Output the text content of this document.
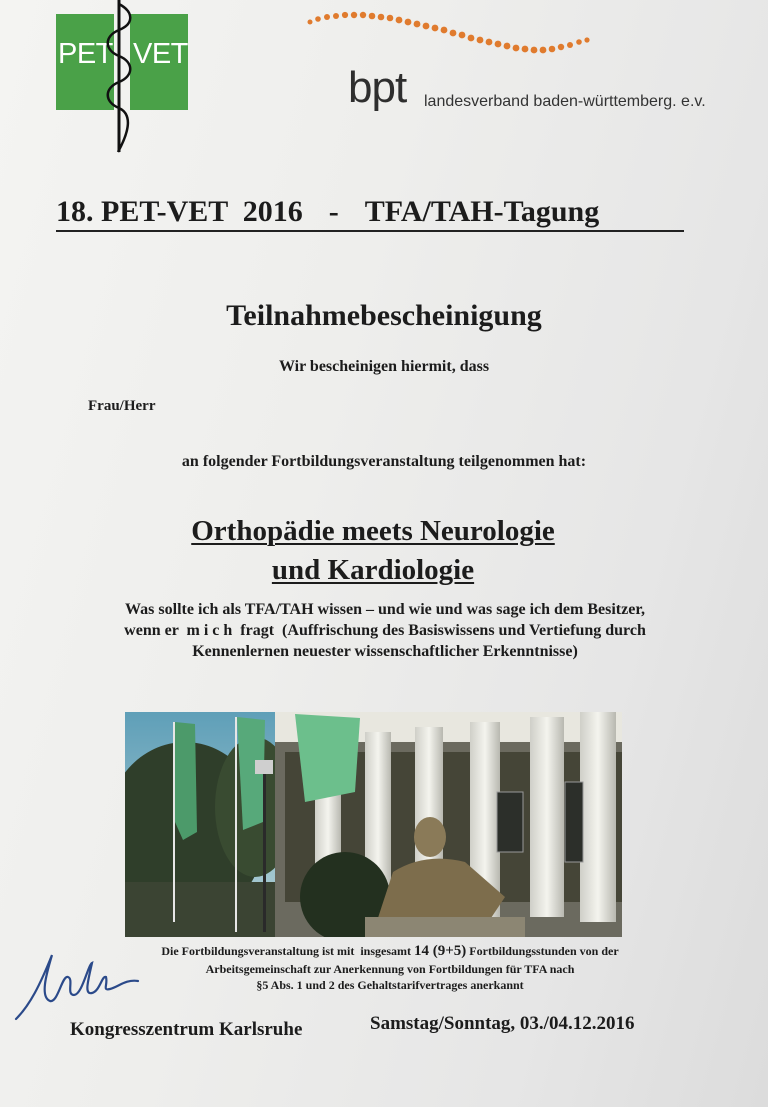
PET VET
bpt landesverband baden-württemberg. e.v.
18. PET-VET  2016 - TFA/TAH-Tagung
Teilnahmebescheinigung
Wir bescheinigen hiermit, dass
Frau/Herr
an folgender Fortbildungsveranstaltung teilgenommen hat:
Orthopädie meets Neurologie
und Kardiologie
Was sollte ich als TFA/TAH wissen – und wie und was sage ich dem Besitzer,
wenn er  m i c h  fragt  (Auffrischung des Basiswissens und Vertiefung durch
Kennenlernen neuester wissenschaftlicher Erkenntnisse)
Die Fortbildungsveranstaltung ist mit  insgesamt 14 (9+5) Fortbildungsstunden von der
Arbeitsgemeinschaft zur Anerkennung von Fortbildungen für TFA nach
§5 Abs. 1 und 2 des Gehaltstarifvertrages anerkannt
Kongresszentrum Karlsruhe	Samstag/Sonntag, 03./04.12.2016
